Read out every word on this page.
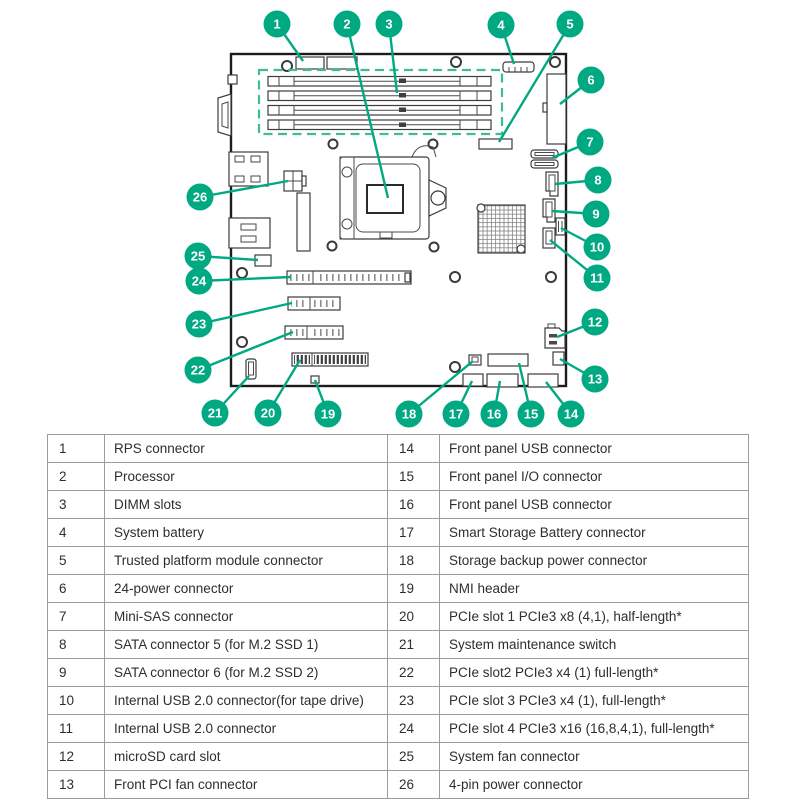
1	2	3	4	5
6
7
8
9
10
11
12
13
14
15
16
17
18
19
20
21
22
23
24
25
26
1	RPS connector	14	Front panel USB connector
2	Processor	15	Front panel I/O connector
3	DIMM slots	16	Front panel USB connector
4	System battery	17	Smart Storage Battery connector
5	Trusted platform module connector	18	Storage backup power connector
6	24-power connector	19	NMI header
7	Mini-SAS connector	20	PCIe slot 1 PCIe3 x8 (4,1), half-length*
8	SATA connector 5 (for M.2 SSD 1)	21	System maintenance switch
9	SATA connector 6 (for M.2 SSD 2)	22	PCIe slot2 PCIe3 x4 (1) full-length*
10	Internal USB 2.0 connector(for tape drive)	23	PCIe slot 3 PCIe3 x4 (1), full-length*
11	Internal USB 2.0 connector	24	PCIe slot 4 PCIe3 x16 (16,8,4,1), full-length*
12	microSD card slot	25	System fan connector
13	Front PCI fan connector	26	4-pin power connector
